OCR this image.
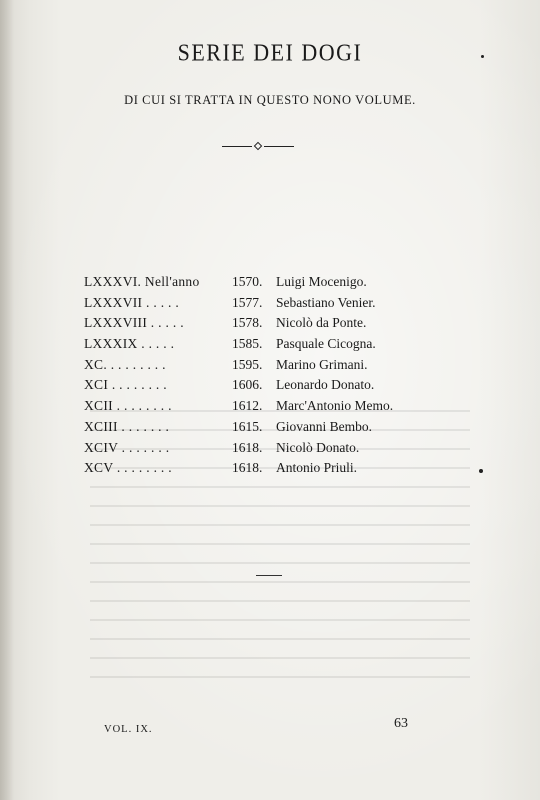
SERIE DEI DOGI
DI CUI SI TRATTA IN QUESTO NONO VOLUME.
LXXXVI. Nell'anno 1570. Luigi Mocenigo.
LXXXVII . . . . .	1577. Sebastiano Venier.
LXXXVIII . . . . .	1578. Nicolò da Ponte.
LXXXIX . . . . .	1585. Pasquale Cicogna.
XC. . . . . . . . .	1595. Marino Grimani.
XCI . . . . . . . .	1606. Leonardo Donato.
XCII . . . . . . . .	1612. Marc'Antonio Memo.
XCIII . . . . . . .	1615. Giovanni Bembo.
XCIV . . . . . . .	1618. Nicolò Donato.
XCV . . . . . . . .	1618. Antonio Priuli.
VOL. IX.	63
